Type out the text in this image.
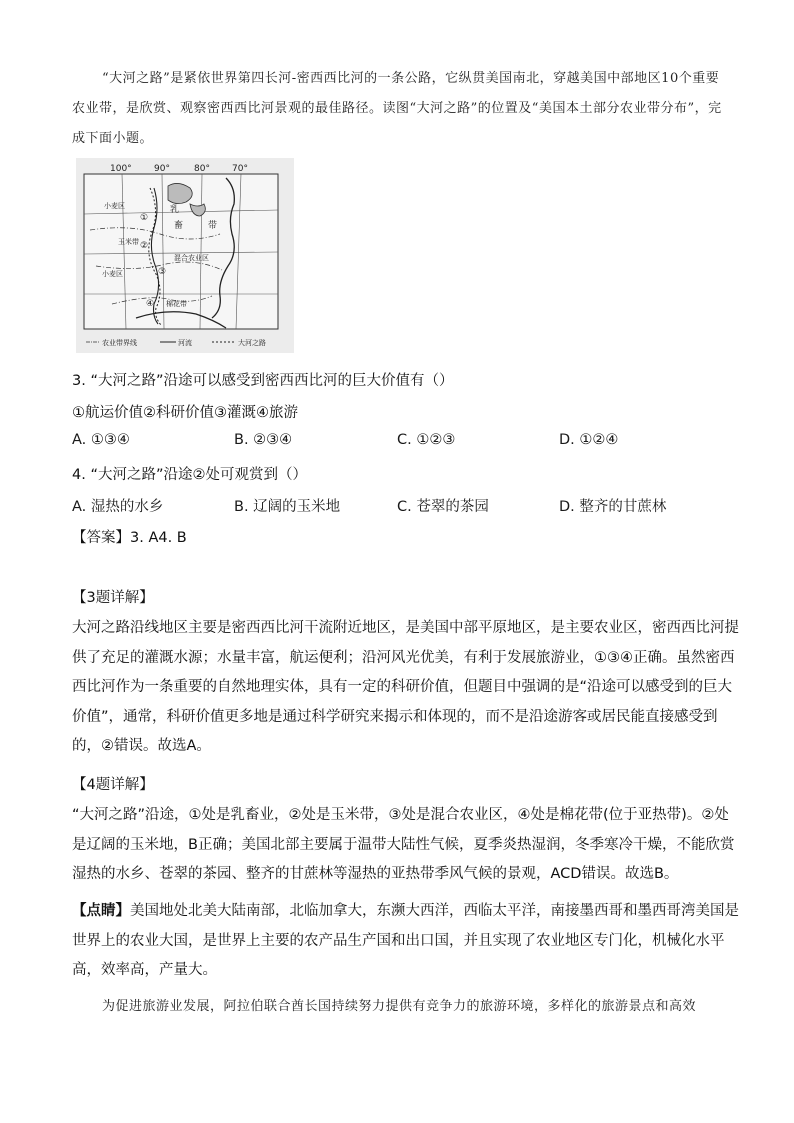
“大河之路”是紧依世界第四长河-密西西比河的一条公路，它纵贯美国南北，穿越美国中部地区10个重要农业带，是欣赏、观察密西西比河景观的最佳路径。读图“大河之路”的位置及“美国本土部分农业带分布”，完成下面小题。
100° 90°	80° 70°
小麦区	乳
畜	带
玉米带
混合农业区
小麦区
棉花带
①
②
③
④
农业带界线	河流	大河之路
3. “大河之路”沿途可以感受到密西西比河的巨大价值有（）
①航运价值②科研价值③灌溉④旅游
A. ①③④	B. ②③④	C. ①②③	D. ①②④
4. “大河之路”沿途②处可观赏到（）
A. 湿热的水乡	B. 辽阔的玉米地	C. 苍翠的茶园	D. 整齐的甘蔗林
【答案】3. A4. B
【3题详解】
大河之路沿线地区主要是密西西比河干流附近地区，是美国中部平原地区，是主要农业区，密西西比河提供了充足的灌溉水源；水量丰富，航运便利；沿河风光优美，有利于发展旅游业，①③④正确。虽然密西西比河作为一条重要的自然地理实体，具有一定的科研价值，但题目中强调的是“沿途可以感受到的巨大价值”，通常，科研价值更多地是通过科学研究来揭示和体现的，而不是沿途游客或居民能直接感受到的，②错误。故选A。
【4题详解】
“大河之路”沿途，①处是乳畜业，②处是玉米带，③处是混合农业区，④处是棉花带(位于亚热带)。②处是辽阔的玉米地，B正确；美国北部主要属于温带大陆性气候，夏季炎热湿润，冬季寒冷干燥，不能欣赏湿热的水乡、苍翠的茶园、整齐的甘蔗林等湿热的亚热带季风气候的景观，ACD错误。故选B。
【点睛】美国地处北美大陆南部，北临加拿大，东濒大西洋，西临太平洋，南接墨西哥和墨西哥湾美国是世界上的农业大国，是世界上主要的农产品生产国和出口国，并且实现了农业地区专门化，机械化水平高，效率高，产量大。
为促进旅游业发展，阿拉伯联合酋长国持续努力提供有竞争力的旅游环境，多样化的旅游景点和高效
